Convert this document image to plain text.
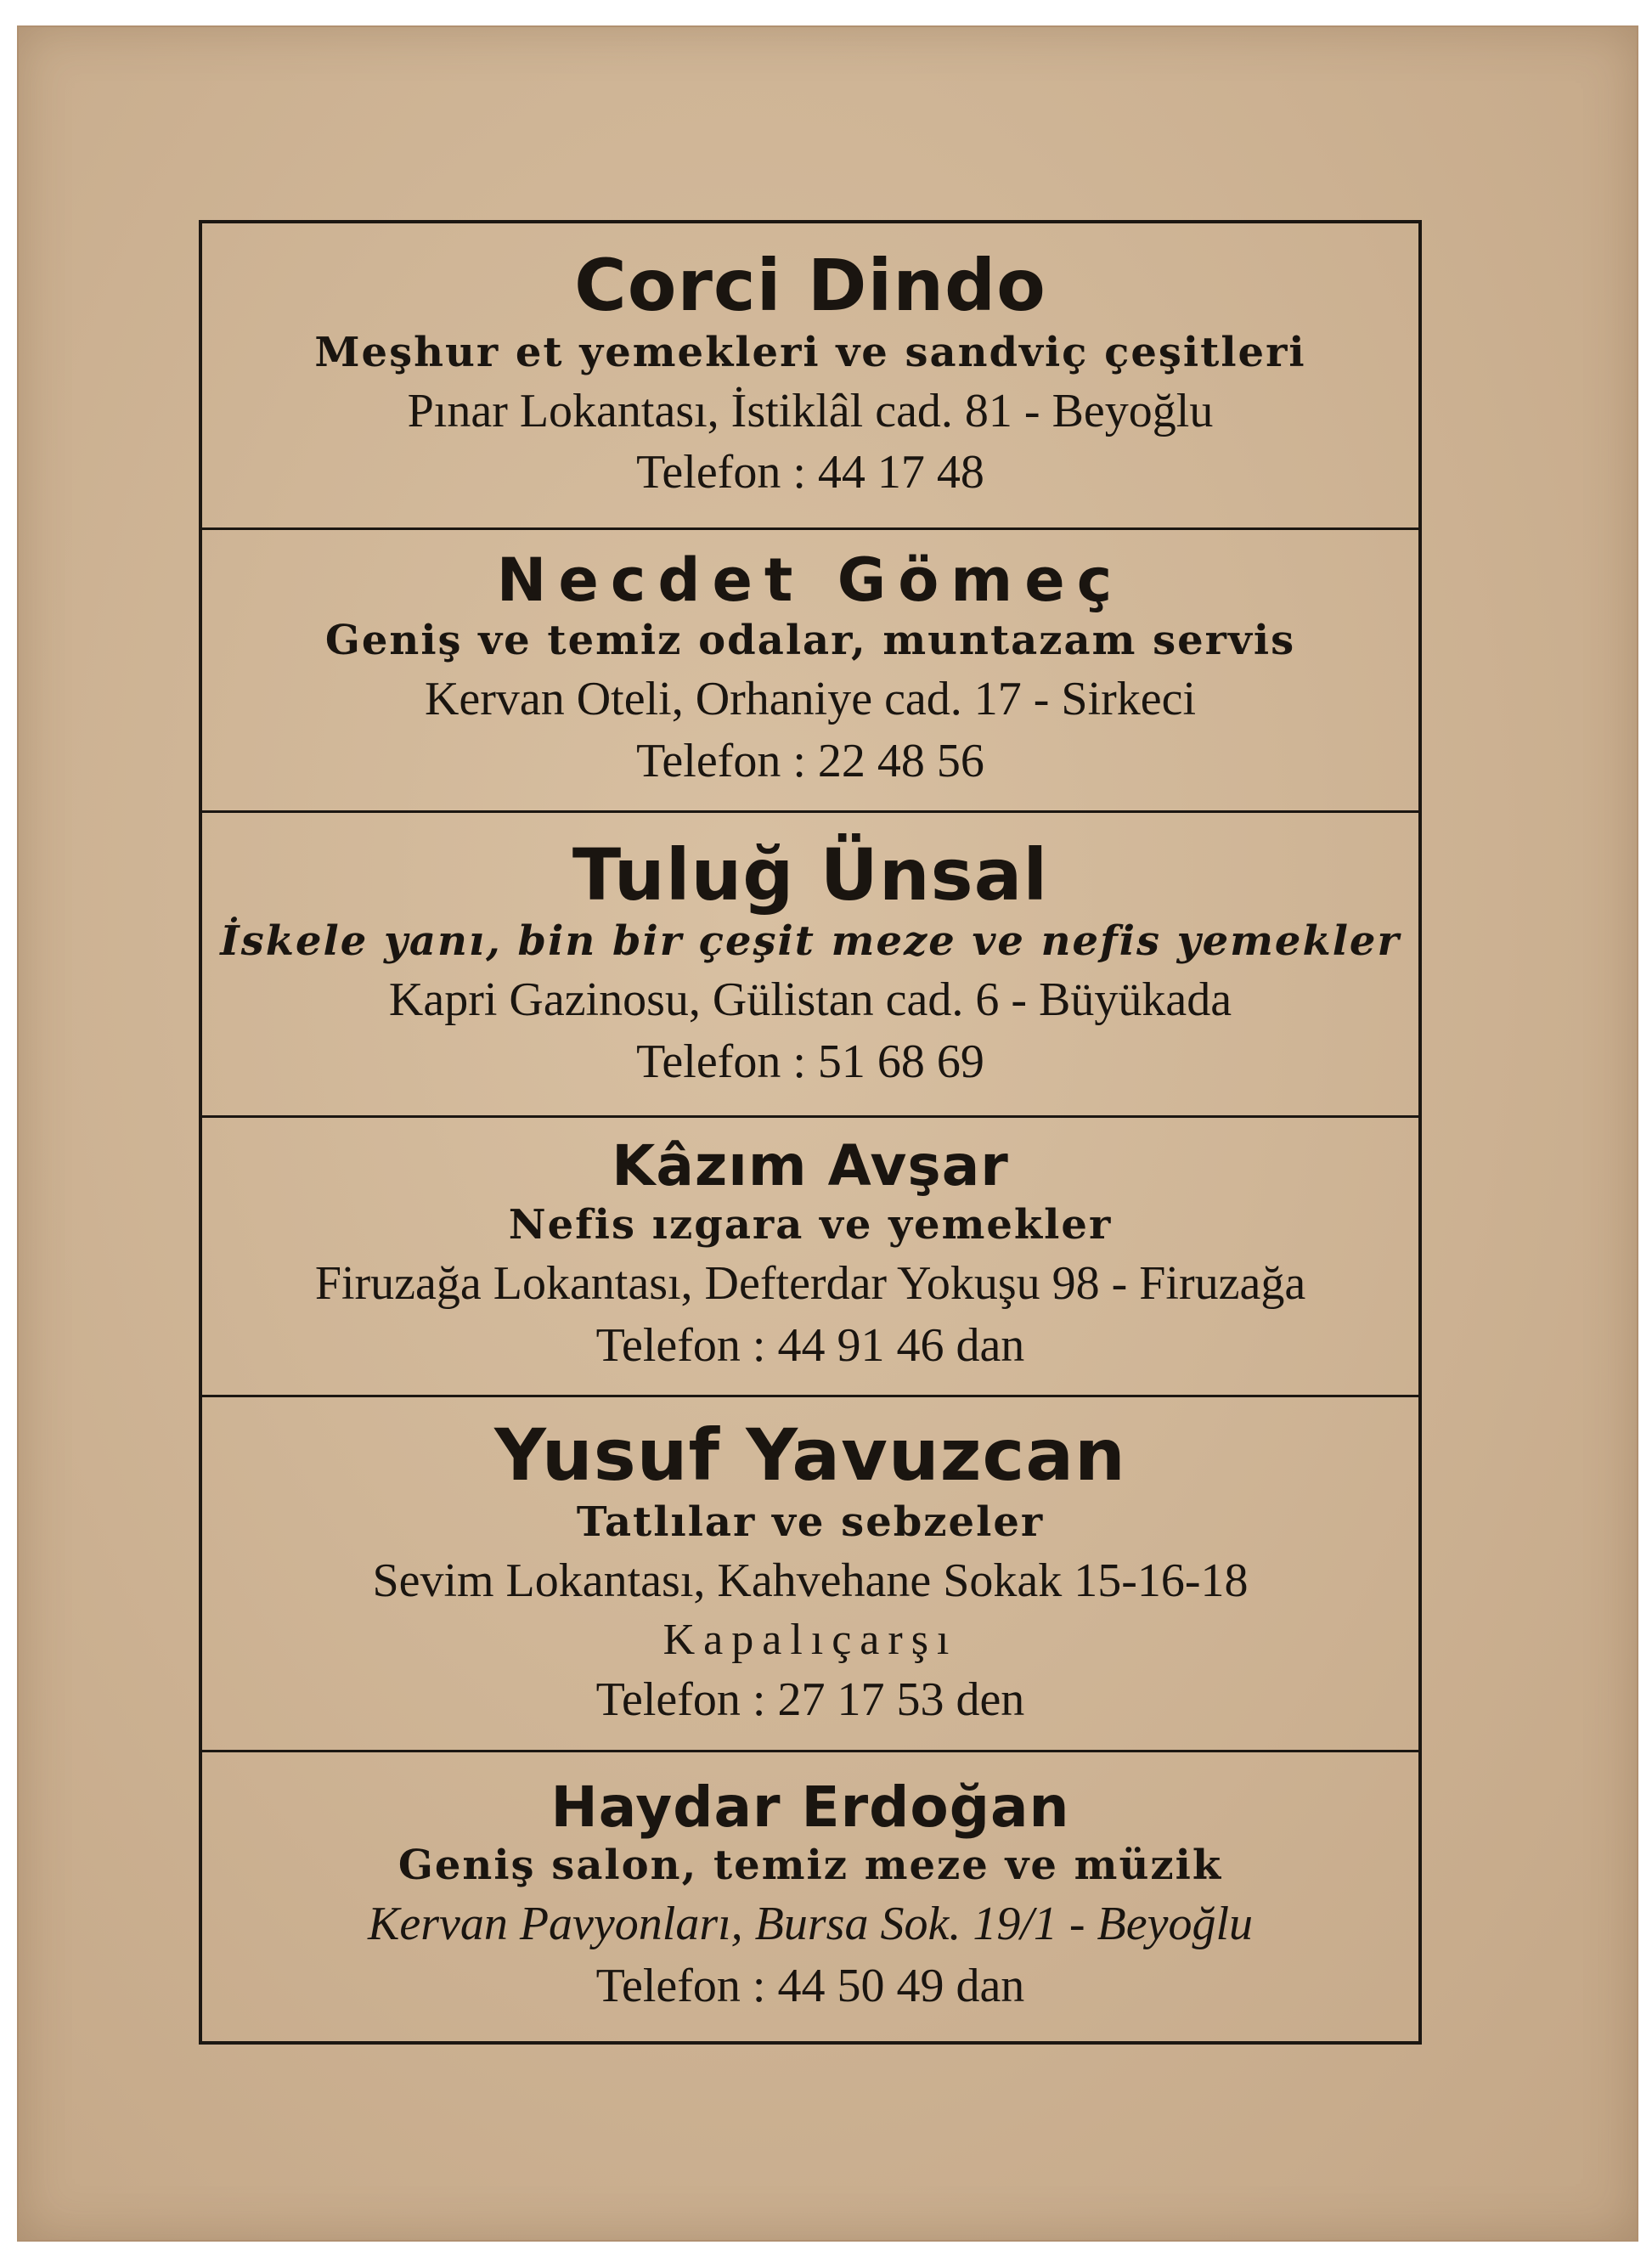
Corci Dindo
Meşhur et yemekleri ve sandviç çeşitleri
Pınar Lokantası, İstiklâl cad. 81 - Beyoğlu
Telefon : 44 17 48
Necdet Gömeç
Geniş ve temiz odalar, muntazam servis
Kervan Oteli, Orhaniye cad. 17 - Sirkeci
Telefon : 22 48 56
Tuluğ Ünsal
İskele yanı, bin bir çeşit meze ve nefis yemekler
Kapri Gazinosu, Gülistan cad. 6 - Büyükada
Telefon : 51 68 69
Kâzım Avşar
Nefis ızgara ve yemekler
Firuzağa Lokantası, Defterdar Yokuşu 98 - Firuzağa
Telefon : 44 91 46 dan
Yusuf Yavuzcan
Tatlılar ve sebzeler
Sevim Lokantası, Kahvehane Sokak 15-16-18
Kapalıçarşı
Telefon : 27 17 53 den
Haydar Erdoğan
Geniş salon, temiz meze ve müzik
Kervan Pavyonları, Bursa Sok. 19/1 - Beyoğlu
Telefon : 44 50 49 dan
